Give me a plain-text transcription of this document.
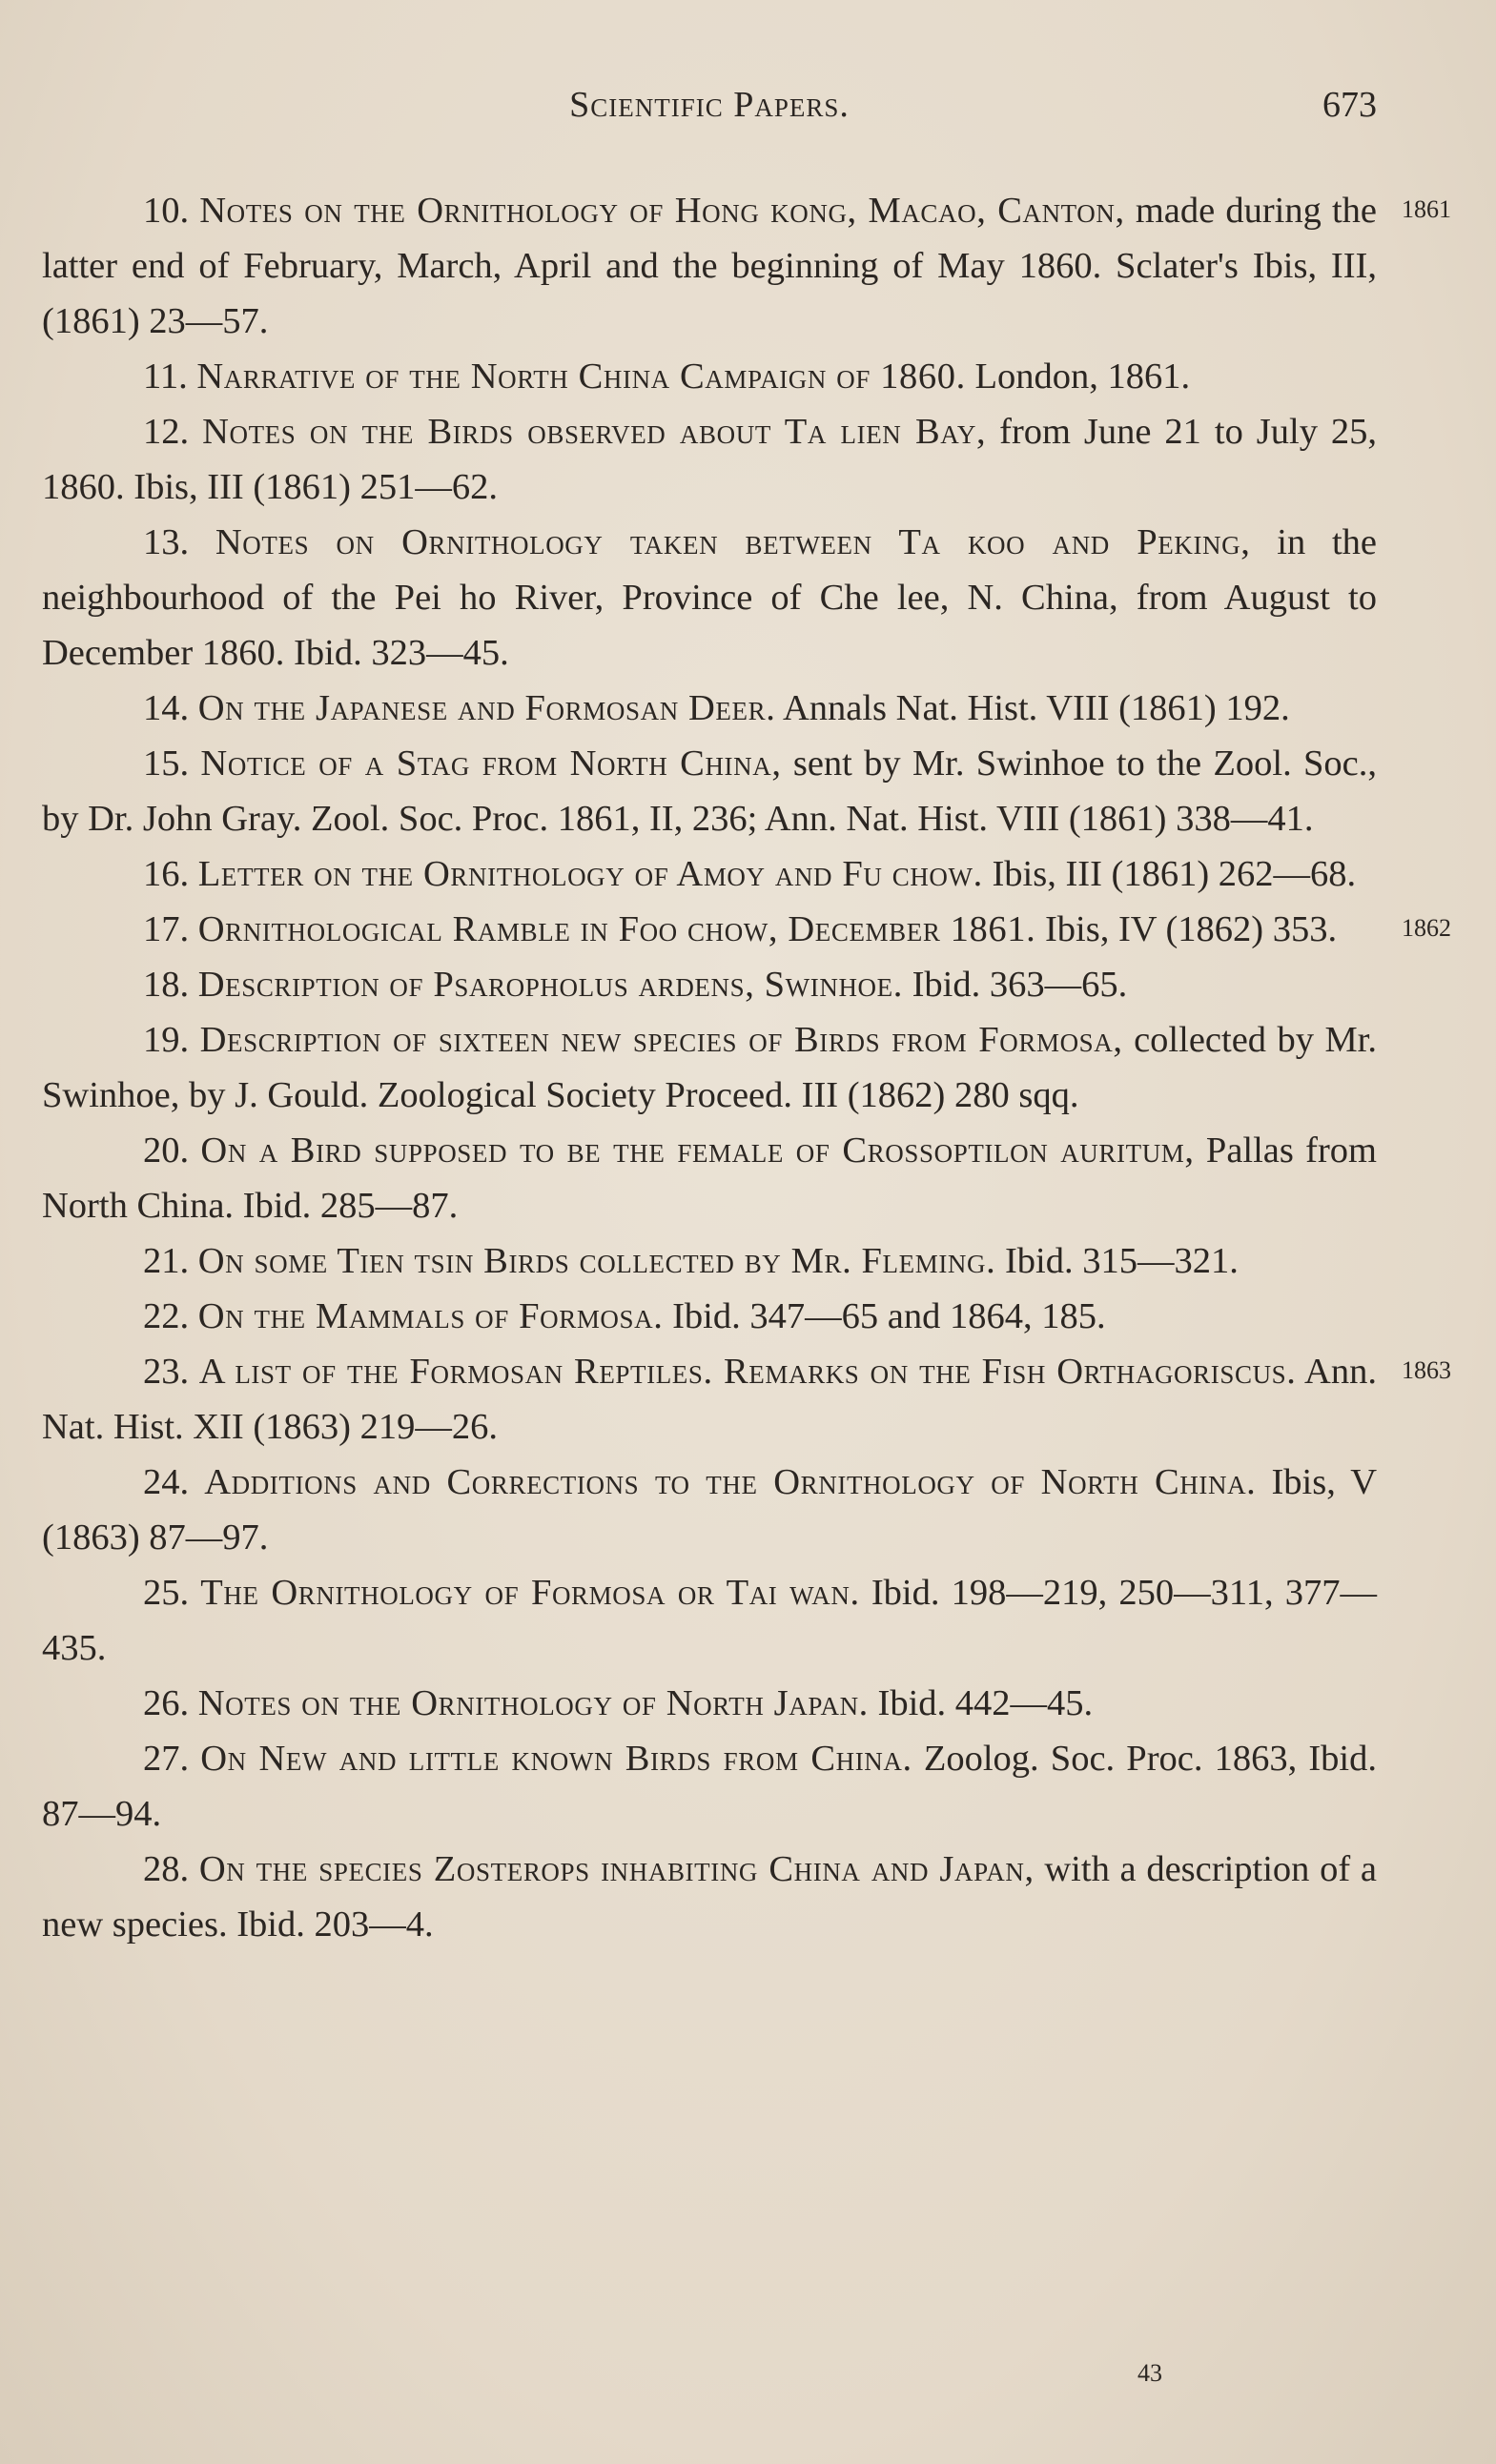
Scientific Papers.	673

10. Notes on the Ornithology of Hong kong, Macao, Canton, made during the latter end of February, March, April and the beginning of May 1860. Sclater's Ibis, III, (1861) 23—57.
1861

11. Narrative of the North China Campaign of 1860. London, 1861.

12. Notes on the Birds observed about Ta lien Bay, from June 21 to July 25, 1860. Ibis, III (1861) 251—62.

13. Notes on Ornithology taken between Ta koo and Peking, in the neighbourhood of the Pei ho River, Province of Che lee, N. China, from August to December 1860. Ibid. 323—45.

14. On the Japanese and Formosan Deer. Annals Nat. Hist. VIII (1861) 192.

15. Notice of a Stag from North China, sent by Mr. Swinhoe to the Zool. Soc., by Dr. John Gray. Zool. Soc. Proc. 1861, II, 236; Ann. Nat. Hist. VIII (1861) 338—41.

16. Letter on the Ornithology of Amoy and Fu chow. Ibis, III (1861) 262—68.

17. Ornithological Ramble in Foo chow, December 1861. Ibis, IV (1862) 353.	1862

18. Description of Psaropholus ardens, Swinhoe. Ibid. 363—65.

19. Description of sixteen new species of Birds from Formosa, collected by Mr. Swinhoe, by J. Gould. Zoological Society Proceed. III (1862) 280 sqq.

20. On a Bird supposed to be the female of Crossoptilon auritum, Pallas from North China. Ibid. 285—87.

21. On some Tien tsin Birds collected by Mr. Fleming. Ibid. 315—321.

22. On the Mammals of Formosa. Ibid. 347—65 and 1864, 185.

23. A list of the Formosan Reptiles. Remarks on the Fish Orthagoriscus. Ann. Nat. Hist. XII (1863) 219—26.
1863

24. Additions and Corrections to the Ornithology of North China. Ibis, V (1863) 87—97.

25. The Ornithology of Formosa or Tai wan. Ibid. 198—219, 250—311, 377—435.

26. Notes on the Ornithology of North Japan. Ibid. 442—45.

27. On New and little known Birds from China. Zoolog. Soc. Proc. 1863, Ibid. 87—94.

28. On the species Zosterops inhabiting China and Japan, with a description of a new species. Ibid. 203—4.

43
